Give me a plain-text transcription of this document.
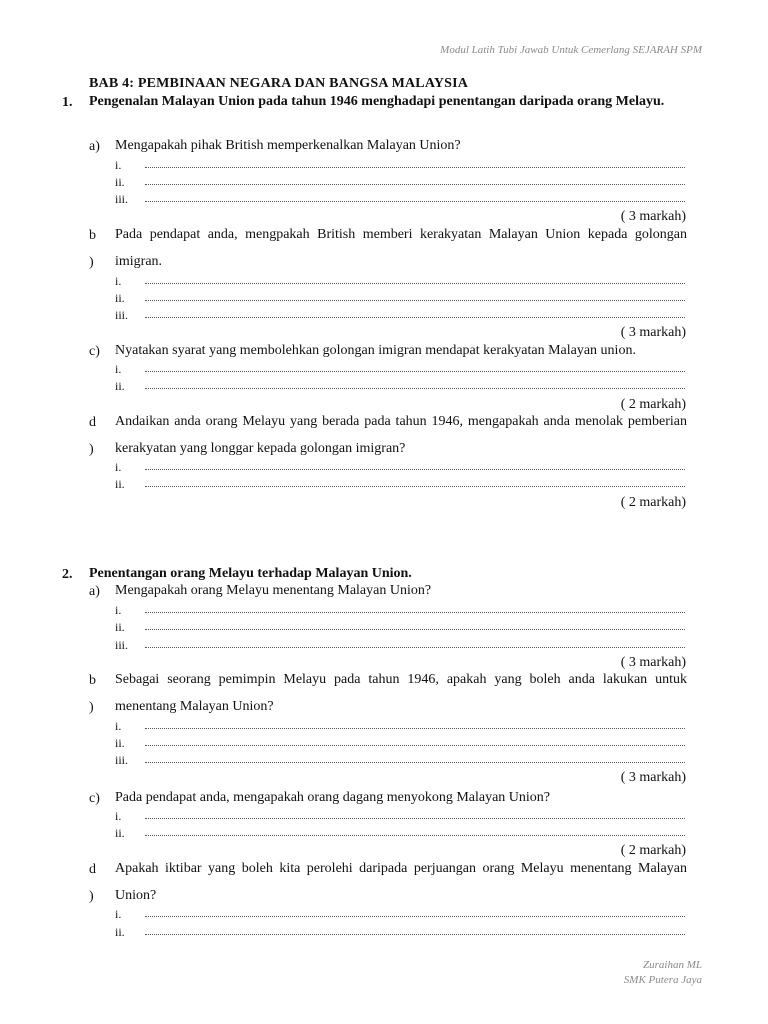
Modul Latih Tubi Jawab Untuk Cemerlang SEJARAH SPM
BAB 4: PEMBINAAN NEGARA DAN BANGSA MALAYSIA
1. Pengenalan Malayan Union pada tahun 1946 menghadapi penentangan daripada orang Melayu.
a) Mengapakah pihak British memperkenalkan Malayan Union?
i.
ii.
iii.
( 3 markah)
b
)
Pada pendapat anda, mengpakah British memberi kerakyatan Malayan Union kepada golongan imigran.
i.
ii.
iii.
( 3 markah)
c) Nyatakan syarat yang membolehkan golongan imigran mendapat kerakyatan Malayan union.
i.
ii.
( 2 markah)
d
)
Andaikan anda orang Melayu yang berada pada tahun 1946, mengapakah anda menolak pemberian kerakyatan yang longgar kepada golongan imigran?
i.
ii.
( 2 markah)
2. Penentangan orang Melayu terhadap Malayan Union.
a) Mengapakah orang Melayu menentang Malayan Union?
i.
ii.
iii.
( 3 markah)
b
)
Sebagai seorang pemimpin Melayu pada tahun 1946, apakah yang boleh anda lakukan untuk menentang Malayan Union?
i.
ii.
iii.
( 3 markah)
c) Pada pendapat anda, mengapakah orang dagang menyokong Malayan Union?
i.
ii.
( 2 markah)
d
)
Apakah iktibar yang boleh kita perolehi daripada perjuangan orang Melayu menentang Malayan Union?
i.
ii.
Zuraihan ML
SMK Putera Jaya
